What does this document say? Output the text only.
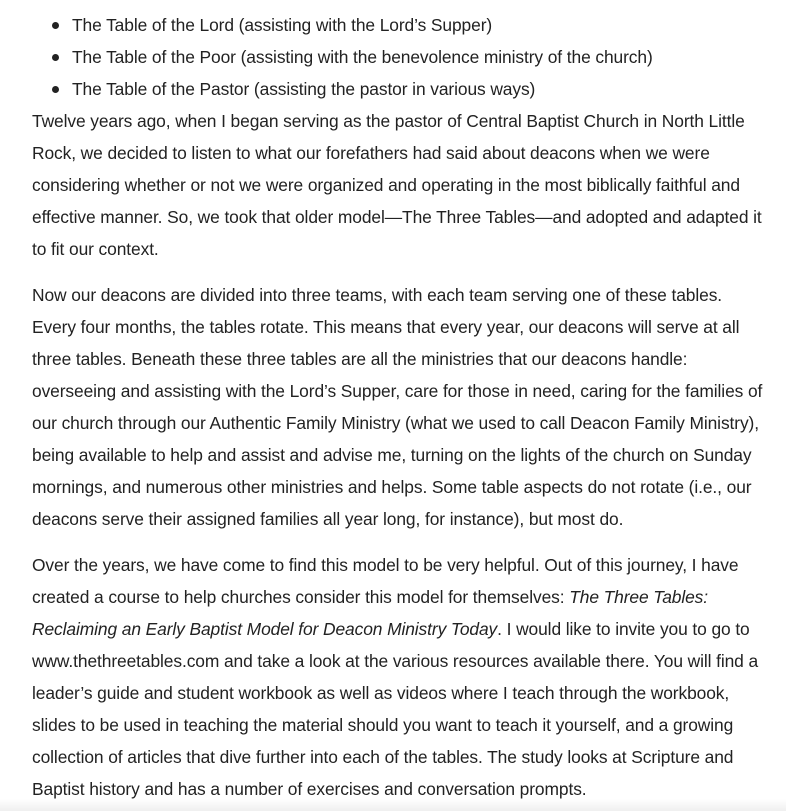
The Table of the Lord (assisting with the Lord’s Supper)
The Table of the Poor (assisting with the benevolence ministry of the church)
The Table of the Pastor (assisting the pastor in various ways)

Twelve years ago, when I began serving as the pastor of Central Baptist Church in North Little Rock, we decided to listen to what our forefathers had said about deacons when we were considering whether or not we were organized and operating in the most biblically faithful and effective manner. So, we took that older model—The Three Tables—and adopted and adapted it to fit our context.

Now our deacons are divided into three teams, with each team serving one of these tables. Every four months, the tables rotate. This means that every year, our deacons will serve at all three tables. Beneath these three tables are all the ministries that our deacons handle: overseeing and assisting with the Lord’s Supper, care for those in need, caring for the families of our church through our Authentic Family Ministry (what we used to call Deacon Family Ministry), being available to help and assist and advise me, turning on the lights of the church on Sunday mornings, and numerous other ministries and helps. Some table aspects do not rotate (i.e., our deacons serve their assigned families all year long, for instance), but most do.

Over the years, we have come to find this model to be very helpful. Out of this journey, I have created a course to help churches consider this model for themselves: The Three Tables: Reclaiming an Early Baptist Model for Deacon Ministry Today. I would like to invite you to go to www.thethreetables.com and take a look at the various resources available there. You will find a leader’s guide and student workbook as well as videos where I teach through the workbook, slides to be used in teaching the material should you want to teach it yourself, and a growing collection of articles that dive further into each of the tables. The study looks at Scripture and Baptist history and has a number of exercises and conversation prompts.
